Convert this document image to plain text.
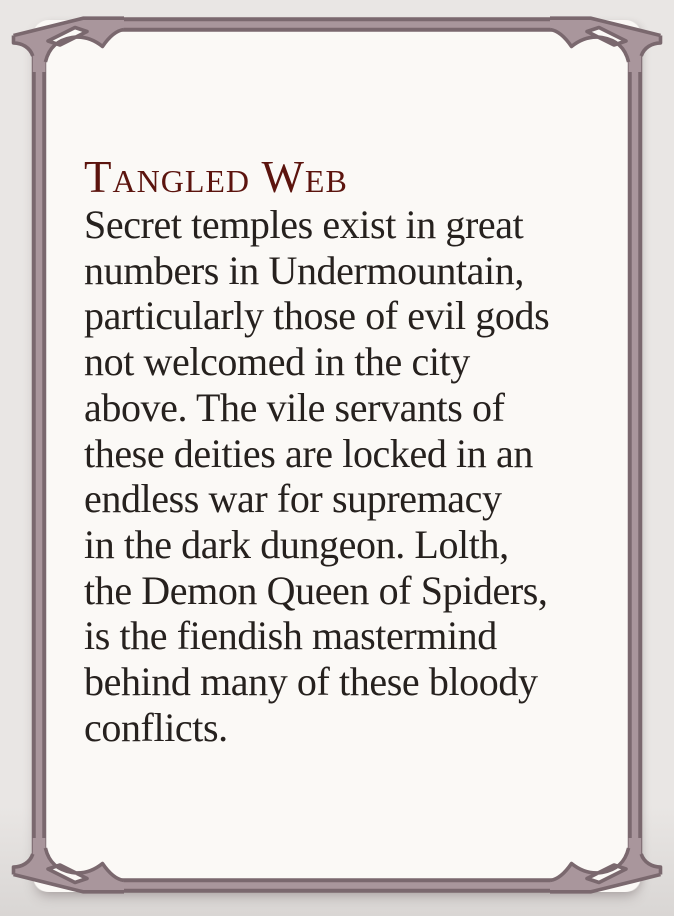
Tangled Web
Secret temples exist in great
numbers in Undermountain,
particularly those of evil gods
not welcomed in the city
above. The vile servants of
these deities are locked in an
endless war for supremacy
in the dark dungeon. Lolth,
the Demon Queen of Spiders,
is the fiendish mastermind
behind many of these bloody
conflicts.
